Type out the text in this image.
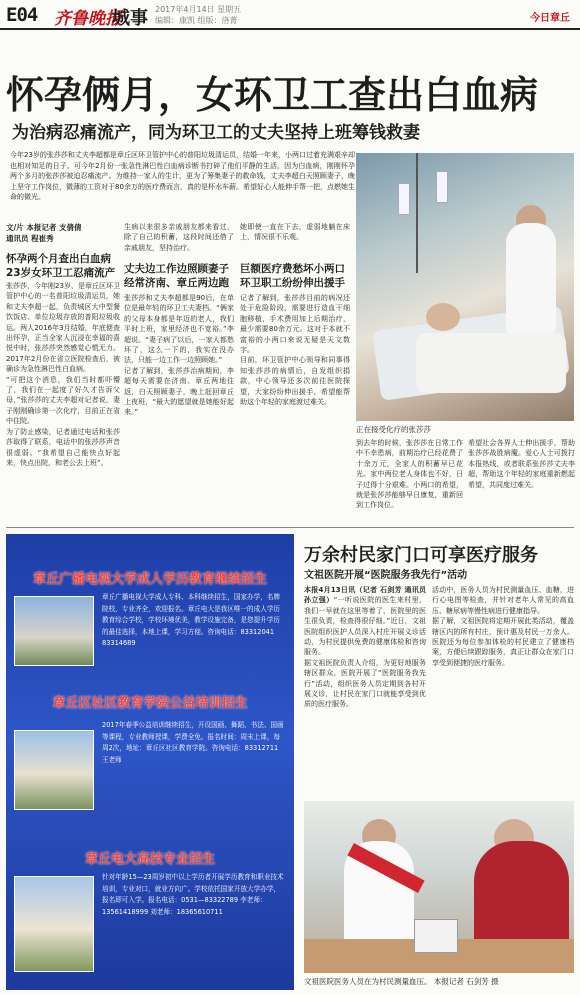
E04 齐鲁晚报
城事 2017年4月14日 星期五
编辑：康凯 组版：洛菁	今日章丘
怀孕俩月，女环卫工查出白血病
为治病忍痛流产，同为环卫工的丈夫坚持上班筹钱救妻

今年23岁的张莎莎和丈夫李超都是章丘区环卫管护中心的普阳垃圾清运员，结婚一年来，小两口过着充满艰辛却也相对知足的日子。可今年2月份一张急性淋巴性白血病诊断书打碎了他们平静的生活，因为白血病，刚刚怀孕两个多月的张莎莎被迫忍痛流产。为维持一家人的生计，更为了筹集妻子的救命钱，丈夫李超白天照顾妻子，晚上坚守工作岗位，微薄的工资对于80余万的医疗费而言，真的是杯水车薪。希望好心人能伸手帮一把，点燃她生命的微光。

正在接受化疗的张莎莎

文/片 本报记者 支倩倩
通讯员 程崔秀

怀孕两个月查出白血病
23岁女环卫工忍痛流产

张莎莎，今年刚23岁，是章丘区环卫管护中心的一名普阳垃圾清运员，她和丈夫李超一起，负责城区大中型餐饮饭店、单位垃圾存放的普阳垃圾收运。两人2016年3月结婚，年底便查出怀孕，正当全家人沉浸在幸福的喜悦中时，张莎莎突然感觉心慌无力。2017年2月份在省立医院检查后，被确诊为急性淋巴性白血病。
“可把这个消息，我们当时都吓懵了，我们在一起度了好久才告诉父母，”张莎莎的丈夫李超对记者说，妻子刚刚确诊第一次化疗，目前正在省中住院。
为了防止感染，记者通过电话和张莎莎取得了联系，电话中的张莎莎声音很虚弱。“我希望自己能快点好起来，快点出院，和老公去上班”。

生病以来很多亲戚朋友都来看过，除了自己的积蓄，这段时间还借了亲戚朋友，坚持治疗。

丈夫边工作边照顾妻子
经常济南、章丘两边跑

张莎莎和丈夫李超都是90后，在单位是最年轻的环卫工夫妻档。“俩家的父母本身都是年迈的老人，我们平时上班，家里经济也不宽裕。”李超说。“妻子病了以后，一家人都愁坏了，这么一下的，我实在没办法，只能一边工作一边照顾她。”
记者了解到，张莎莎治病期间，李超每天需要在济南、章丘两地往返，白天照顾妻子，晚上赶回章丘上夜班，“最大的愿望就是她能好起来。”

她即使一直在下去，虚弱地躺在床上，情况很不乐观。

巨额医疗费愁坏小两口
环卫职工纷纷伸出援手

记者了解到，张莎莎目前的病况还处于危险阶段，需要进行造血干细胞移植，手术费用加上后期治疗，最少需要80余万元。这对于本就不富裕的小两口来说无疑是天文数字。
目前，环卫管护中心领导和同事得知张莎莎的病情后，自发组织捐款，中心领导还多次前往医院探望，大家纷纷伸出援手，希望能帮助这个年轻的家庭渡过难关。

到去年的时候，张莎莎在日常工作中不幸患病，前期治疗已经花费了十余万元，全家人的积蓄早已花光。家中两位老人身体也不好，日子过得十分艰难。小两口的希望，就是张莎莎能够早日康复，重新回到工作岗位。

希望社会各界人士伸出援手，帮助张莎莎战胜病魔。爱心人士可拨打本报热线，或者联系张莎莎丈夫李超，帮助这个年轻的家庭重新燃起希望，共同度过难关。

章丘广播电视大学成人学历教育继续招生
章丘广播电视大学成人专科、本科继续招生，国家办学，名牌院校，专业齐全，欢迎报名。章丘电大是我区唯一的成人学历教育综合学校，学校环境优美，教学设施完备，是您提升学历的最佳选择，本地上课，学习方便。咨询电话：83312041 83314689
章丘区社区教育学院公益培训招生
2017年春季公益培训继续招生，开设国画、舞蹈、书法、国画等课程，专业教师授课，学费全免。报名时间：周末上课，每周2次，地址：章丘区社区教育学院。咨询电话：83312711 王老师
章丘电大高技专业招生
针对年龄15—23周岁初中以上学历者开展学历教育和职业技术培训，专业对口，就业方向广。学校依托国家开放大学办学，报名即可入学。报名电话：0531—83322789 李老师：13561418999 刘老师：18365610711
万余村民家门口可享医疗服务
文祖医院开展“医院服务我先行”活动
本报4月13日讯（记者 石剑芳 通讯员 孙立强）“一听说医院的医生来村里，我们一早就在这里等着了，医院里的医生很负责，检查得很仔细。”近日，文祖医院组织医护人员深入村庄开展义诊活动，为村民提供免费的健康体检和咨询服务。
据文祖医院负责人介绍，为更好地服务辖区群众，医院开展了“医院服务我先行”活动，组织医务人员定期到各村开展义诊，让村民在家门口就能享受到优质的医疗服务。

活动中，医务人员为村民测量血压、血糖，进行心电图等检查，并针对老年人常见的高血压、糖尿病等慢性病进行健康指导。
据了解，文祖医院将定期开展此类活动，覆盖辖区内的所有村庄，预计惠及村民一万余人。医院还为每位参加体检的村民建立了健康档案，方便后续跟踪服务，真正让群众在家门口享受到便捷的医疗服务。

文祖医院医务人员在为村民测量血压。 本报记者 石剑芳 摄
